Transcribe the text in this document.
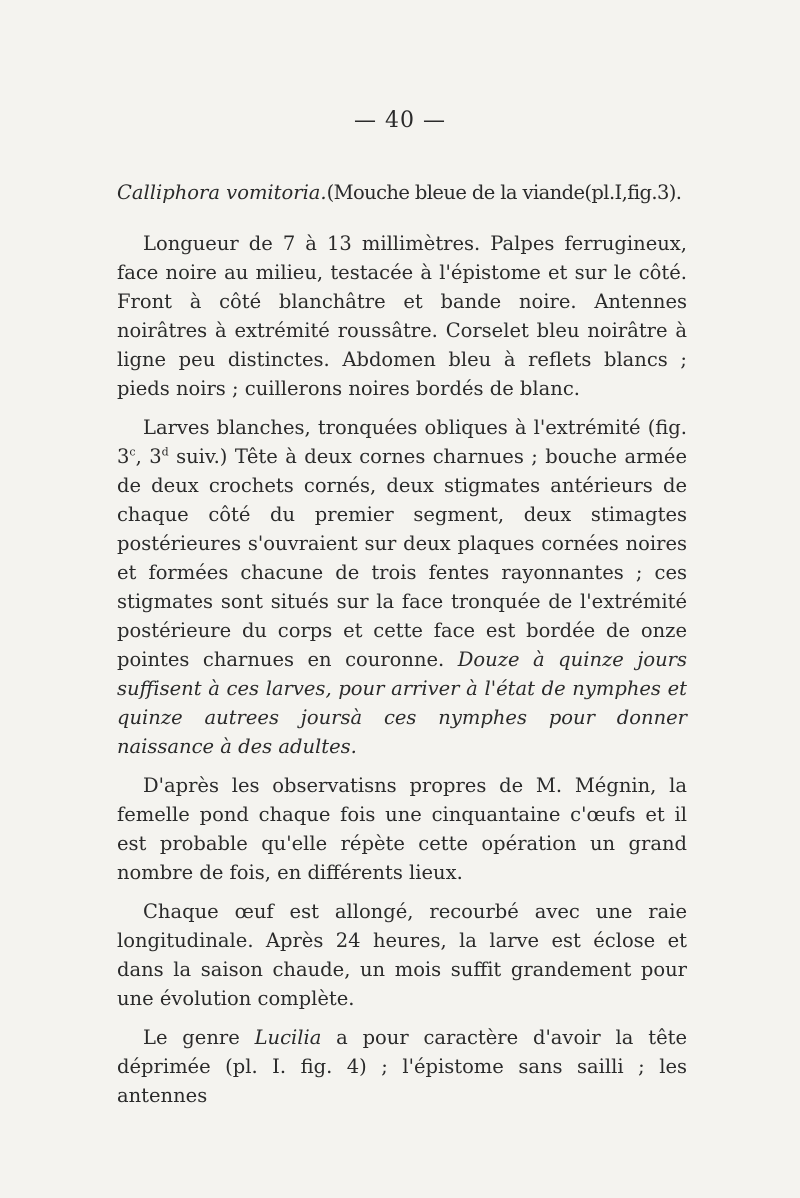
— 40 —

Calliphora vomitoria.(Mouche bleue de la viande(pl.I,fig.3).

Longueur de 7 à 13 millimètres. Palpes ferrugineux, face noire au milieu, testacée à l'épistome et sur le côté. Front à côté blanchâtre et bande noire. Antennes noirâtres à extrémité roussâtre. Corselet bleu noirâtre à ligne peu distinctes. Abdomen bleu à reflets blancs ; pieds noirs ; cuillerons noires bordés de blanc.

Larves blanches, tronquées obliques à l'extrémité (fig. 3$^c$, 3$^d$ suiv.) Tête à deux cornes charnues ; bouche armée de deux crochets cornés, deux stigmates antérieurs de chaque côté du premier segment, deux stimagtes postérieures s'ouvraient sur deux plaques cornées noires et formées chacune de trois fentes rayonnantes ; ces stigmates sont situés sur la face tronquée de l'extrémité postérieure du corps et cette face est bordée de onze pointes charnues en couronne. Douze à quinze jours suffisent à ces larves, pour arriver à l'état de nymphes et quinze autrees joursà ces nymphes pour donner naissance à des adultes.

D'après les observatisns propres de M. Mégnin, la femelle pond chaque fois une cinquantaine c'œufs et il est probable qu'elle répète cette opération un grand nombre de fois, en différents lieux.

Chaque œuf est allongé, recourbé avec une raie longitudinale. Après 24 heures, la larve est éclose et dans la saison chaude, un mois suffit grandement pour une évolution complète.

Le genre Lucilia a pour caractère d'avoir la tête déprimée (pl. I. fig. 4) ; l'épistome sans sailli ; les antennes
